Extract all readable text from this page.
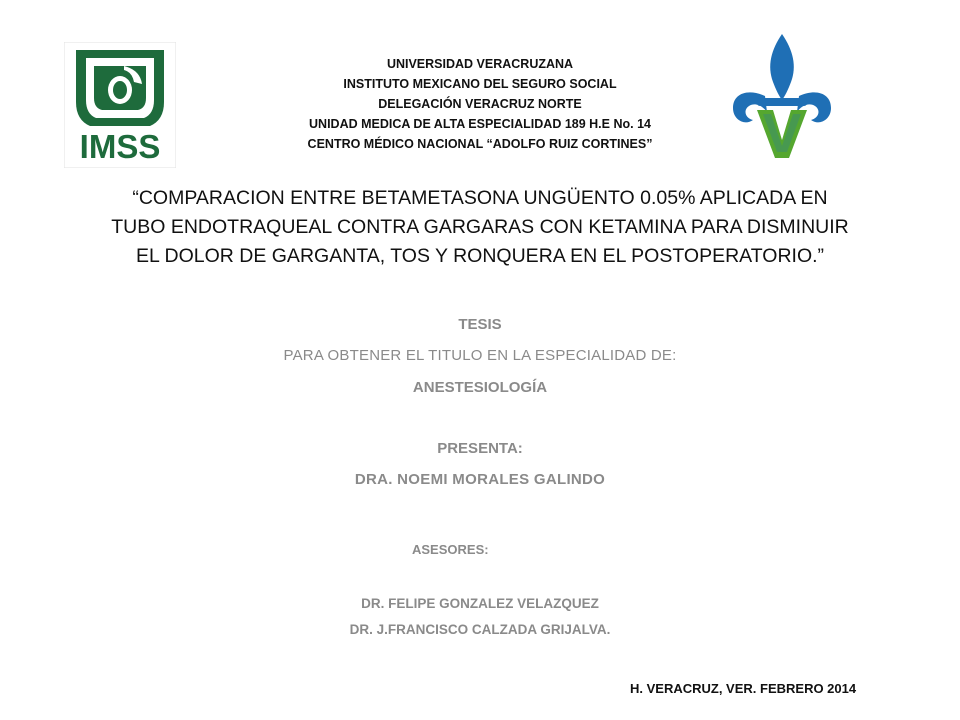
IMSS
UNIVERSIDAD VERACRUZANA
INSTITUTO MEXICANO DEL SEGURO SOCIAL
DELEGACIÓN VERACRUZ NORTE
UNIDAD MEDICA DE ALTA ESPECIALIDAD 189 H.E No. 14
CENTRO MÉDICO NACIONAL “ADOLFO RUIZ CORTINES”
“COMPARACION ENTRE BETAMETASONA UNGÜENTO 0.05% APLICADA EN
TUBO ENDOTRAQUEAL CONTRA GARGARAS CON KETAMINA PARA DISMINUIR
EL DOLOR DE GARGANTA, TOS Y RONQUERA EN EL POSTOPERATORIO.”
TESIS
PARA OBTENER EL TITULO EN LA ESPECIALIDAD DE:
ANESTESIOLOGÍA
PRESENTA:
DRA. NOEMI MORALES GALINDO
ASESORES:
DR. FELIPE GONZALEZ VELAZQUEZ
DR. J.FRANCISCO CALZADA GRIJALVA.
H. VERACRUZ, VER. FEBRERO 2014
